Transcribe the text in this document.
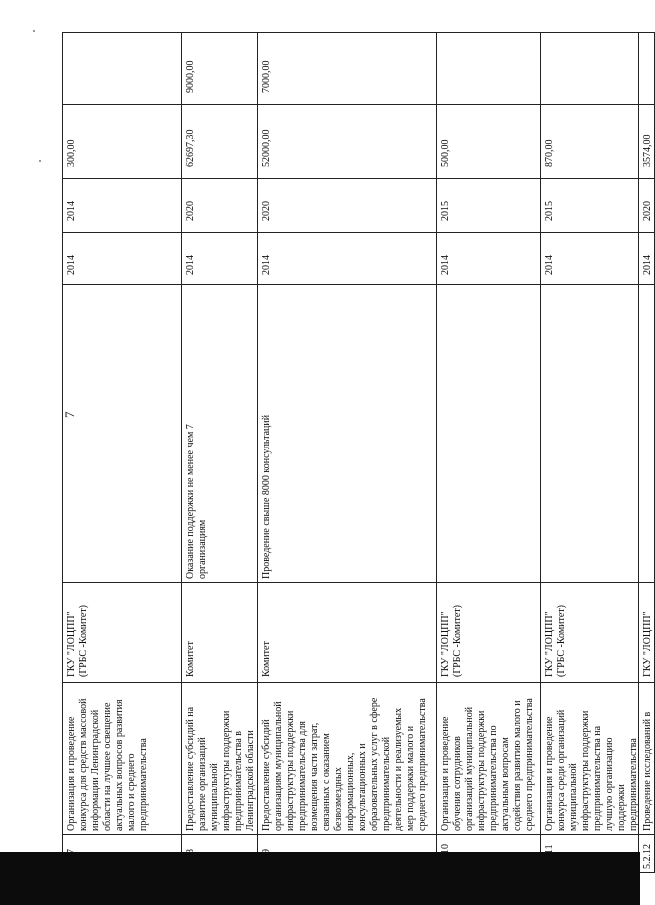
7
Организация и проведение
конкурса для средств массовой
информации Ленинградской
области на лучшее освещение
актуальных вопросов развития
малого и среднего
предпринимательства
ГКУ "ЛОЦПП"
(ГРБС -Комитет)
2014
2014
300,00
Предоставление субсидий на
развитие организаций
муниципальной
инфраструктуры поддержки
предпринимательства в
Ленинградской области
Комитет
Оказание поддержки не менее чем 7
организациям
2014
2020
62697,30
9000,00
Предоставление субсидий
организациям муниципальной
инфраструктуры поддержки
предпринимательства для
возмещения части затрат,
связанных с оказанием
безвозмездных
информационных,
консультационных и
образовательных услуг в сфере
предпринимательской
деятельности и реализуемых
мер поддержки малого и
среднего предпринимательства
Комитет
Проведение свыше 8000 консультаций
2014
2020
52000,00
7000,00
Организация и проведение
обучения сотрудников
организаций муниципальной
инфраструктуры поддержки
предпринимательства по
актуальным вопросам
содействия развитию малого и
среднего предпринимательства
ГКУ "ЛОЦПП"
(ГРБС -Комитет)
2014
2015
500,00
Организация и проведение
конкурса среди организаций
муниципальной
инфраструктуры поддержки
предпринимательства на
лучшую организацию
поддержки
предпринимательства
ГКУ "ЛОЦПП"
(ГРБС -Комитет)
2014
2015
870,00
5.2.12
Проведение исследований в
ГКУ "ЛОЦПП"
2014
2020
3574,00
